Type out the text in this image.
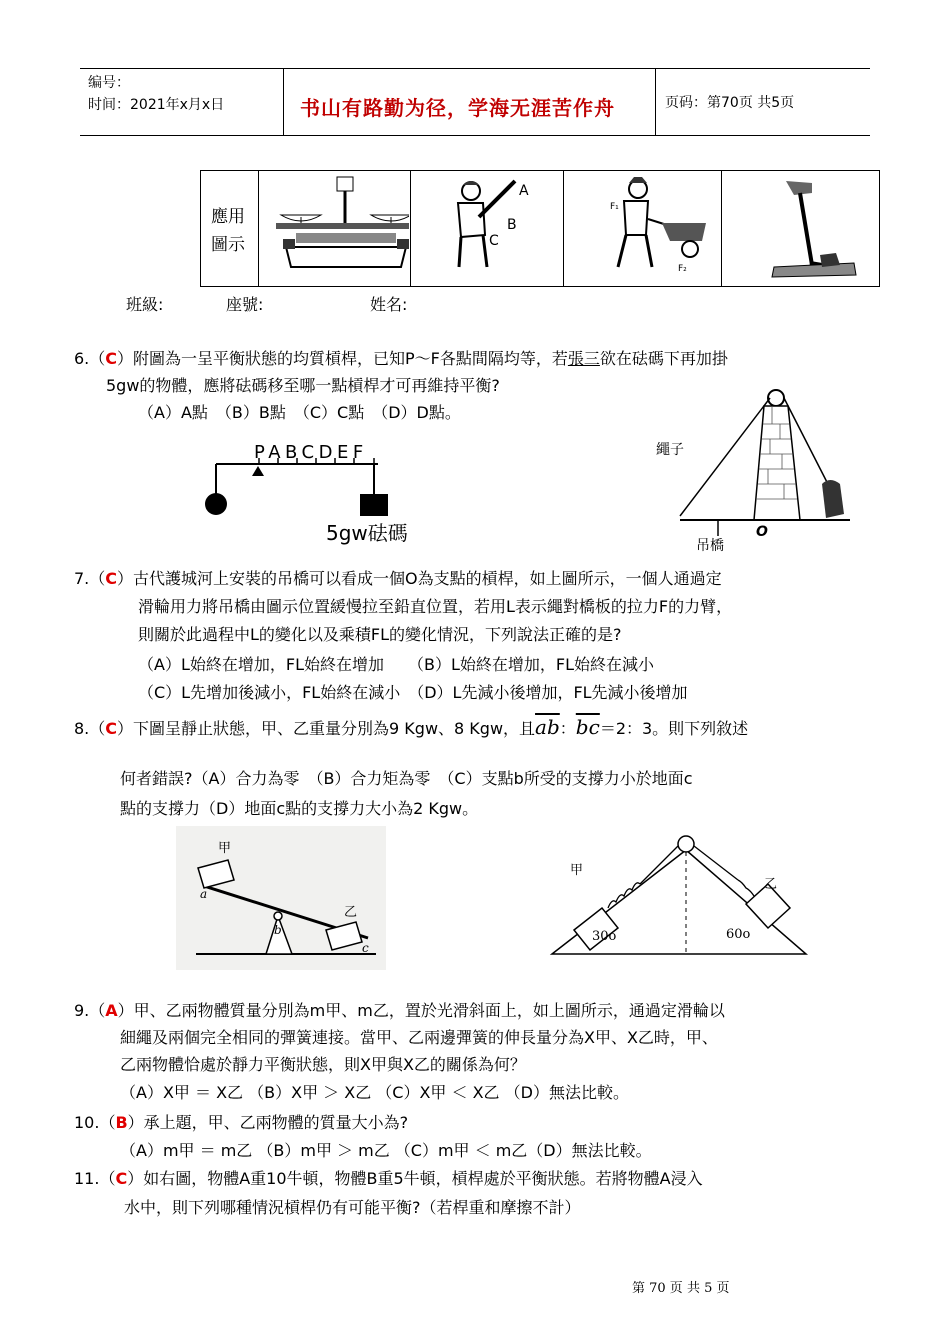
编号：
时间：2021年x月x日	书山有路勤为径，学海无涯苦作舟	页码：第70页 共5页
應用
圖示
A
B
C
F₁
F₂
班級:	座號:	姓名:
6.（C）附圖為一呈平衡狀態的均質槓桿，已知P～F各點間隔均等，若張三欲在砝碼下再加掛
5gw的物體，應將砝碼移至哪一點槓桿才可再維持平衡?
（A）A點　（B）B點　（C）C點　（D）D點。
PABCDEF
5gw砝碼
繩子
O
吊橋
7.（C）古代護城河上安裝的吊橋可以看成一個O為支點的槓桿，如上圖所示，一個人通過定
滑輪用力將吊橋由圖示位置緩慢拉至鉛直位置，若用L表示繩對橋板的拉力F的力臂，
則關於此過程中L的變化以及乘積FL的變化情況，下列說法正確的是?
（A）L始終在增加，FL始終在增加　　（B）L始終在增加，FL始終在減小
（C）L先增加後減小，FL始終在減小　（D）L先減小後增加，FL先減小後增加
8.（C）下圖呈靜止狀態，甲、乙重量分別為9 Kgw、8 Kgw，且$\overline{ab}$：$\overline{bc}=2$：3。則下列敘述
何者錯誤?（A）合力為零　（B）合力矩為零　（C）支點b所受的支撐力小於地面c
點的支撐力（D）地面c點的支撐力大小為2 Kgw。
甲
乙
a
b
c
甲
乙
30o	60o
9.（A）甲、乙兩物體質量分別為m甲、m乙，置於光滑斜面上，如上圖所示，通過定滑輪以
細繩及兩個完全相同的彈簧連接。當甲、乙兩邊彈簧的伸長量分為X甲、X乙時，甲、
乙兩物體恰處於靜力平衡狀態，則X甲與X乙的關係為何？
（A）X甲 ＝ X乙 （B）X甲 ＞ X乙 （C）X甲 ＜ X乙 （D）無法比較。
10.（B）承上題，甲、乙兩物體的質量大小為?
（A）m甲 ＝ m乙 （B）m甲 ＞ m乙 （C）m甲 ＜ m乙（D）無法比較。
11.（C）如右圖，物體A重10牛頓，物體B重5牛頓，槓桿處於平衡狀態。若將物體A浸入
水中，則下列哪種情況槓桿仍有可能平衡?（若桿重和摩擦不計）
第 70 页 共 5 页
